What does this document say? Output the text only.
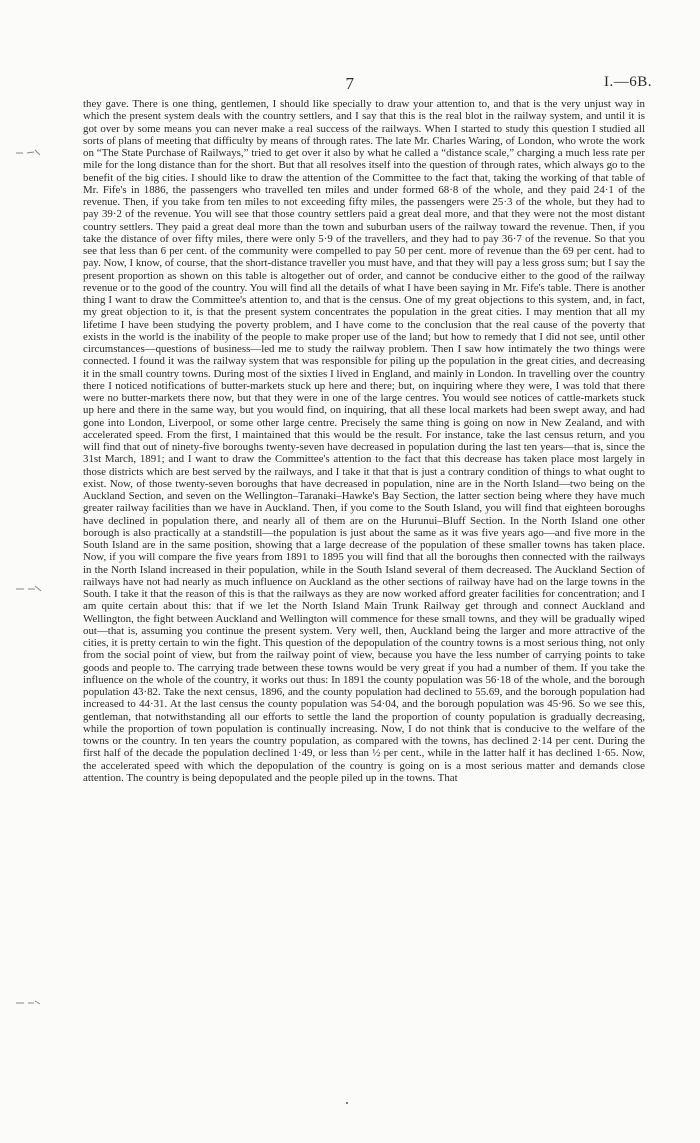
7	I.—6B.

they gave. There is one thing, gentlemen, I should like specially to draw your attention to, and that is the very unjust way in which the present system deals with the country settlers, and I say that this is the real blot in the railway system, and until it is got over by some means you can never make a real success of the railways. When I started to study this question I studied all sorts of plans of meeting that difficulty by means of through rates. The late Mr. Charles Waring, of London, who wrote the work on “The State Purchase of Railways,” tried to get over it also by what he called a “distance scale,” charging a much less rate per mile for the long distance than for the short. But that all resolves itself into the question of through rates, which always go to the benefit of the big cities. I should like to draw the attention of the Committee to the fact that, taking the working of that table of Mr. Fife's in 1886, the passengers who travelled ten miles and under formed 68·8 of the whole, and they paid 24·1 of the revenue. Then, if you take from ten miles to not exceeding fifty miles, the passengers were 25·3 of the whole, but they had to pay 39·2 of the revenue. You will see that those country settlers paid a great deal more, and that they were not the most distant country settlers. They paid a great deal more than the town and suburban users of the railway toward the revenue. Then, if you take the distance of over fifty miles, there were only 5·9 of the travellers, and they had to pay 36·7 of the revenue. So that you see that less than 6 per cent. of the community were compelled to pay 50 per cent. more of revenue than the 69 per cent. had to pay. Now, I know, of course, that the short-distance traveller you must have, and that they will pay a less gross sum; but I say the present proportion as shown on this table is altogether out of order, and cannot be conducive either to the good of the railway revenue or to the good of the country. You will find all the details of what I have been saying in Mr. Fife's table. There is another thing I want to draw the Committee's attention to, and that is the census. One of my great objections to this system, and, in fact, my great objection to it, is that the present system concentrates the population in the great cities. I may mention that all my lifetime I have been studying the poverty problem, and I have come to the conclusion that the real cause of the poverty that exists in the world is the inability of the people to make proper use of the land; but how to remedy that I did not see, until other circumstances—questions of business—led me to study the railway problem. Then I saw how intimately the two things were connected. I found it was the railway system that was responsible for piling up the population in the great cities, and decreasing it in the small country towns. During most of the sixties I lived in England, and mainly in London. In travelling over the country there I noticed notifications of butter-markets stuck up here and there; but, on inquiring where they were, I was told that there were no butter-markets there now, but that they were in one of the large centres. You would see notices of cattle-markets stuck up here and there in the same way, but you would find, on inquiring, that all these local markets had been swept away, and had gone into London, Liverpool, or some other large centre. Precisely the same thing is going on now in New Zealand, and with accelerated speed. From the first, I maintained that this would be the result. For instance, take the last census return, and you will find that out of ninety-five boroughs twenty-seven have decreased in population during the last ten years—that is, since the 31st March, 1891; and I want to draw the Committee's attention to the fact that this decrease has taken place most largely in those districts which are best served by the railways, and I take it that that is just a contrary condition of things to what ought to exist. Now, of those twenty-seven boroughs that have decreased in population, nine are in the North Island—two being on the Auckland Section, and seven on the Wellington–Taranaki–Hawke's Bay Section, the latter section being where they have much greater railway facilities than we have in Auckland. Then, if you come to the South Island, you will find that eighteen boroughs have declined in population there, and nearly all of them are on the Hurunui–Bluff Section. In the North Island one other borough is also practically at a standstill—the population is just about the same as it was five years ago—and five more in the South Island are in the same position, showing that a large decrease of the population of these smaller towns has taken place. Now, if you will compare the five years from 1891 to 1895 you will find that all the boroughs then connected with the railways in the North Island increased in their population, while in the South Island several of them decreased. The Auckland Section of railways have not had nearly as much influence on Auckland as the other sections of railway have had on the large towns in the South. I take it that the reason of this is that the railways as they are now worked afford greater facilities for concentration; and I am quite certain about this: that if we let the North Island Main Trunk Railway get through and connect Auckland and Wellington, the fight between Auckland and Wellington will commence for these small towns, and they will be gradually wiped out—that is, assuming you continue the present system. Very well, then, Auckland being the larger and more attractive of the cities, it is pretty certain to win the fight. This question of the depopulation of the country towns is a most serious thing, not only from the social point of view, but from the railway point of view, because you have the less number of carrying points to take goods and people to. The carrying trade between these towns would be very great if you had a number of them. If you take the influence on the whole of the country, it works out thus: In 1891 the county population was 56·18 of the whole, and the borough population 43·82. Take the next census, 1896, and the county population had declined to 55.69, and the borough population had increased to 44·31. At the last census the county population was 54·04, and the borough population was 45·96. So we see this, gentleman, that notwithstanding all our efforts to settle the land the proportion of county population is gradually decreasing, while the proportion of town population is continually increasing. Now, I do not think that is conducive to the welfare of the towns or the country. In ten years the country population, as compared with the towns, has declined 2·14 per cent. During the first half of the decade the population declined 1·49, or less than ½ per cent., while in the latter half it has declined 1·65. Now, the accelerated speed with which the depopulation of the country is going on is a most serious matter and demands close attention. The country is being depopulated and the people piled up in the towns. That
